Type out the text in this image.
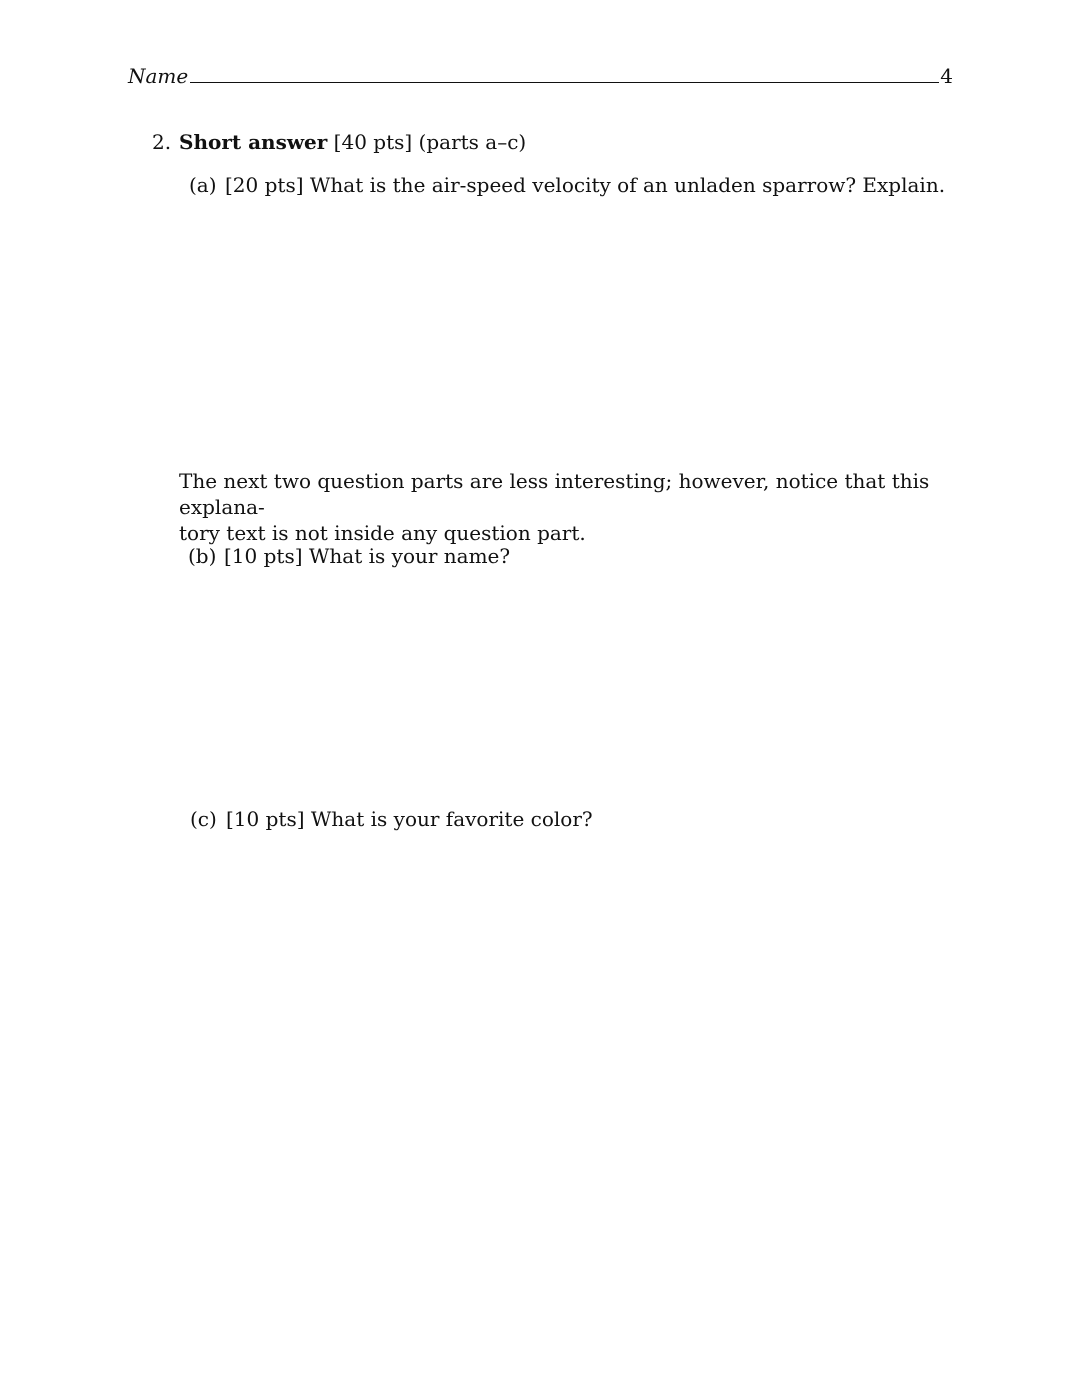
Name	4
2. Short answer [40 pts] (parts a–c)
(a) [20 pts] What is the air-speed velocity of an unladen sparrow? Explain.
The next two question parts are less interesting; however, notice that this explana-
tory text is not inside any question part.
(b) [10 pts] What is your name?
(c) [10 pts] What is your favorite color?
